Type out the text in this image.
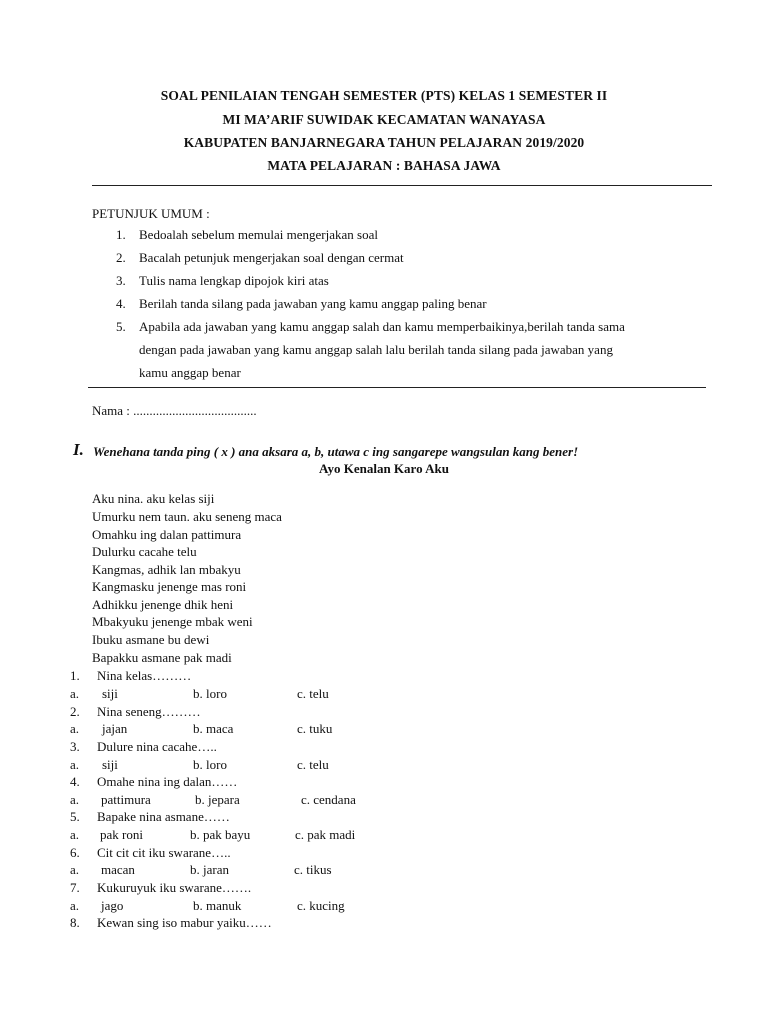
SOAL PENILAIAN TENGAH SEMESTER (PTS) KELAS 1 SEMESTER II
MI MA’ARIF SUWIDAK KECAMATAN WANAYASA
KABUPATEN BANJARNEGARA TAHUN PELAJARAN 2019/2020
MATA PELAJARAN : BAHASA JAWA
PETUNJUK UMUM :
1. Bedoalah sebelum memulai mengerjakan soal
2. Bacalah petunjuk mengerjakan soal dengan cermat
3. Tulis nama lengkap dipojok kiri atas
4. Berilah tanda silang pada jawaban yang kamu anggap paling benar
5. Apabila ada jawaban yang kamu anggap salah dan kamu memperbaikinya,berilah tanda sama
dengan pada jawaban yang kamu anggap salah lalu berilah tanda silang pada jawaban yang
kamu anggap benar
Nama : ......................................
I. Wenehana tanda ping ( x ) ana aksara a, b, utawa c ing sangarepe wangsulan kang bener!
Ayo Kenalan Karo Aku
Aku nina. aku kelas siji
Umurku nem taun. aku seneng maca
Omahku ing dalan pattimura
Dulurku cacahe telu
Kangmas, adhik lan mbakyu
Kangmasku jenenge mas roni
Adhikku jenenge dhik heni
Mbakyuku jenenge mbak weni
Ibuku asmane bu dewi
Bapakku asmane pak madi
1. Nina kelas………
a. siji	b. loro	c. telu
2. Nina seneng………
a. jajan	b. maca	c. tuku
3. Dulure nina cacahe…..
a. siji	b. loro	c. telu
4. Omahe nina ing dalan……
a. pattimura	b. jepara	c. cendana
5. Bapake nina asmane……
a. pak roni	b. pak bayu	c. pak madi
6. Cit cit cit iku swarane…..
a. macan	b. jaran	c. tikus
7. Kukuruyuk iku swarane…….
a. jago	b. manuk	c. kucing
8. Kewan sing iso mabur yaiku……
